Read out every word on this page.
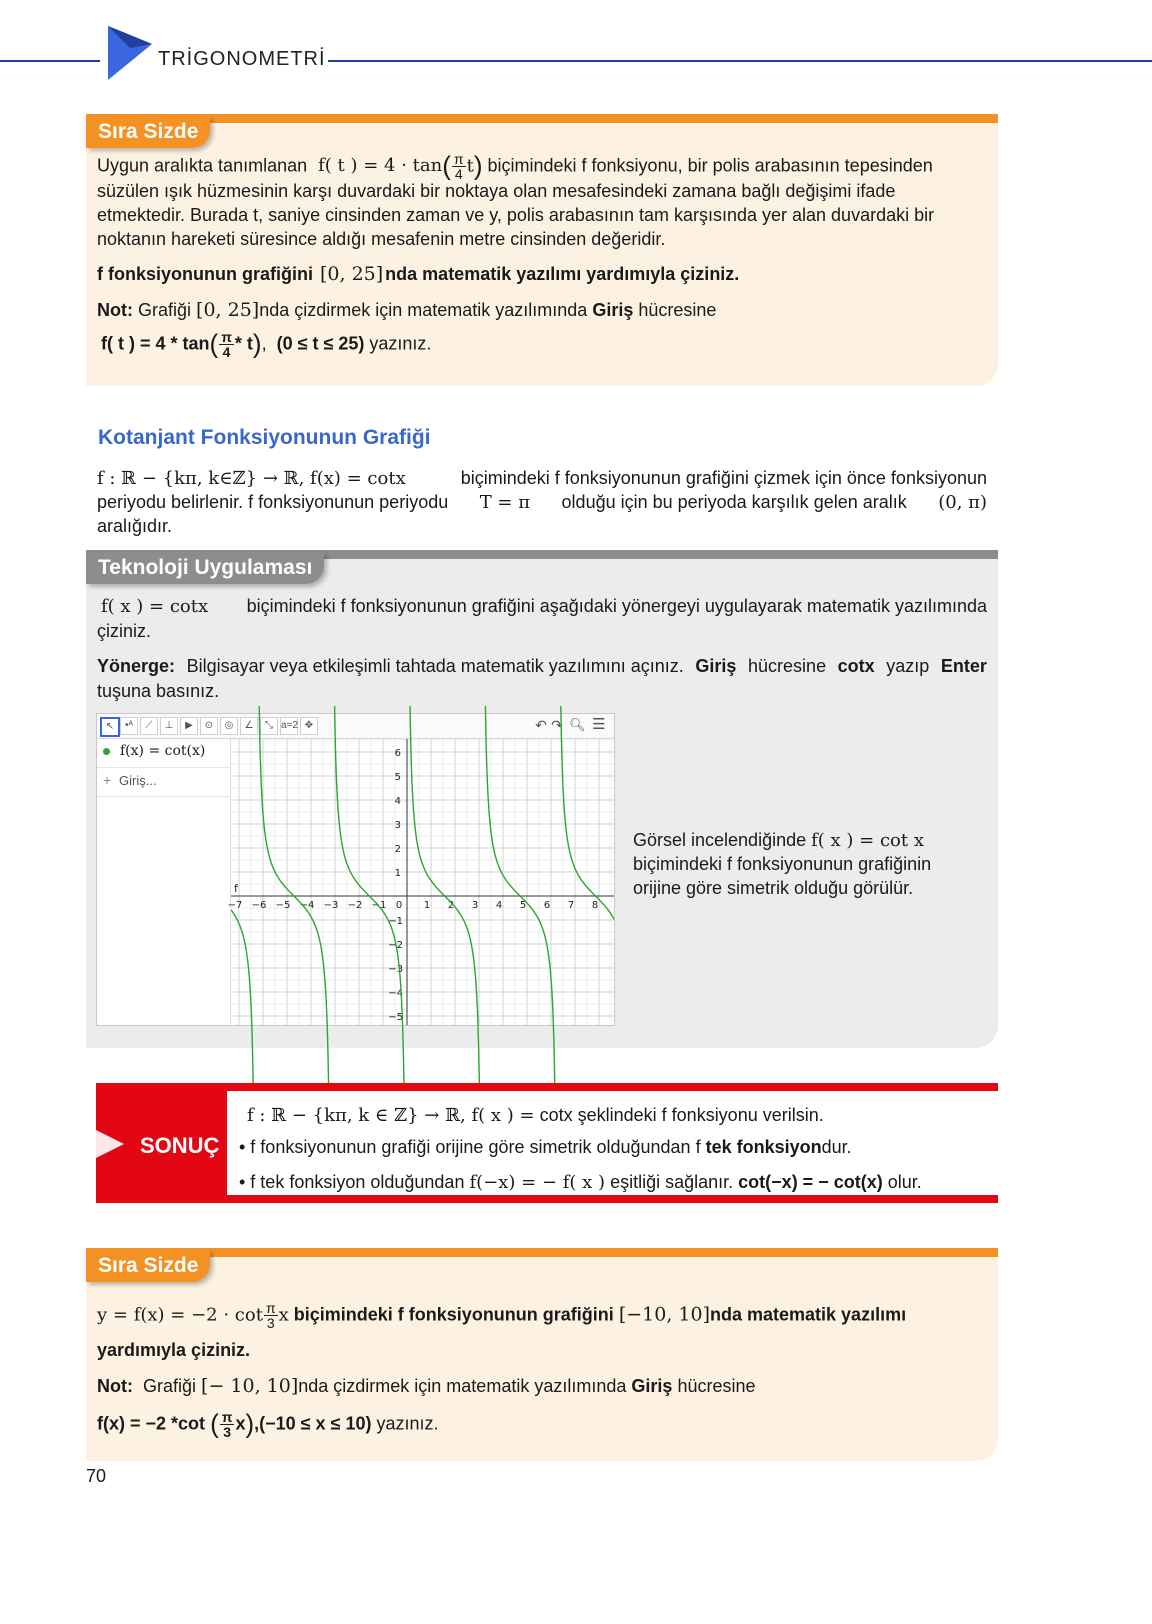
TRİGONOMETRİ
Sıra Sizde
Uygun aralıkta tanımlanan f( t ) = $4 \cdot \tan( \frac{\pi}{4} t)$ biçimindeki f fonksiyonu, bir polis arabasının tepesinden
süzülen ışık hüzmesinin karşı duvardaki bir noktaya olan mesafesindeki zamana bağlı değişimi ifade
etmektedir. Burada t, saniye cinsinden zaman ve y, polis arabasının tam karşısında yer alan duvardaki bir
noktanın hareketi süresince aldığı mesafenin metre cinsinden değeridir.
f fonksiyonunun grafiğini [0, 25] nda matematik yazılımı yardımıyla çiziniz.
Not: Grafiği [0, 25]nda çizdirmek için matematik yazılımında Giriş hücresine
f( t ) = $4 * \tan( \frac{\pi}{4} * t)$,  (0 ≤ t ≤ 25) yazınız.
Kotanjant Fonksiyonunun Grafiği
f : ℝ − {kπ, k∈ℤ} → ℝ, f(x) = cotx	biçimindeki f fonksiyonunun grafiğini çizmek için önce fonksiyonun
periyodu belirlenir. f fonksiyonunun periyodu T = π olduğu için bu periyoda karşılık gelen aralık (0, π)
aralığıdır.
Teknoloji Uygulaması
f( x ) = cotx biçimindeki f fonksiyonunun grafiğini aşağıdaki yönergeyi uygulayarak matematik yazılımında
çiziniz.
Yönerge: Bilgisayar veya etkileşimli tahtada matematik yazılımını açınız. Giriş hücresine cotx yazıp Enter
tuşuna basınız.
↖	•ᴬ	⟋	⊥	▶	⊙	◎	∠	⤡ a=2 ✥	↶ ↷ 🔍︎ ☰
f(x) = cot(x)
+ Giriş...
−7 −6 −5 −4 −3 −2 −1 0 1 2 3 4 5 6 7 8
6
5
4
3
2
1
−1
−2
−3
−4
−5
f
Görsel incelendiğinde f( x ) = cot x
biçimindeki f fonksiyonunun grafiğinin
orijine göre simetrik olduğu görülür.
f : ℝ − {kπ, k ∈ ℤ} → ℝ, f( x ) = cotx şeklindeki f fonksiyonu verilsin.
• f fonksiyonunun grafiği orijine göre simetrik olduğundan f tek fonksiyondur.
• f tek fonksiyon olduğundan f(−x) = − f( x ) eşitliği sağlanır. cot(−x) = − cot(x) olur.
SONUÇ
Sıra Sizde
$y = f(x) = -2 \cdot \cot \frac{\pi}{3}$ x biçimindeki f fonksiyonunun grafiğini [−10, 10]nda matematik yazılımı
yardımıyla çiziniz.
Not: Grafiği [− 10, 10]nda çizdirmek için matematik yazılımında Giriş hücresine
f(x) = −2 *cot ( $\frac{\pi}{3} x),(-10 \le x \le 10)$ yazınız.
70
